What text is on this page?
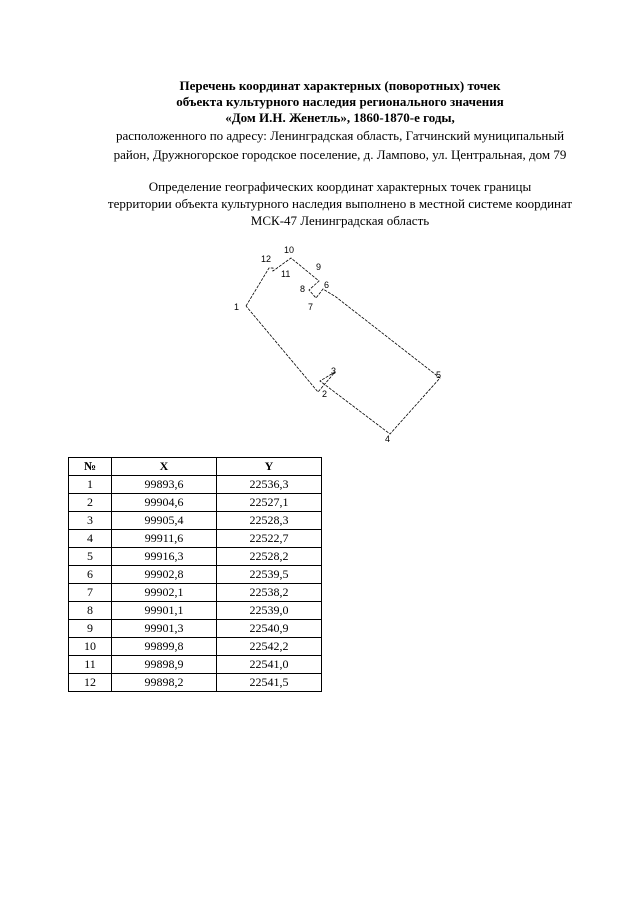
Перечень координат характерных (поворотных) точек
объекта культурного наследия регионального значения
«Дом И.Н. Женетль», 1860-1870-е годы,
расположенного по адресу: Ленинградская область, Гатчинский муниципальный
район, Дружногорское городское поселение, д. Лампово, ул. Центральная, дом 79
Определение географических координат характерных точек границы
территории объекта культурного наследия выполнено в местной системе координат
МСК-47 Ленинградская область
1
2
3
4
5
6
7
8
9
10
11
12
№	X	Y
1	99893,6	22536,3
2	99904,6	22527,1
3	99905,4	22528,3
4	99911,6	22522,7
5	99916,3	22528,2
6	99902,8	22539,5
7	99902,1	22538,2
8	99901,1	22539,0
9	99901,3	22540,9
10	99899,8	22542,2
11	99898,9	22541,0
12	99898,2	22541,5
